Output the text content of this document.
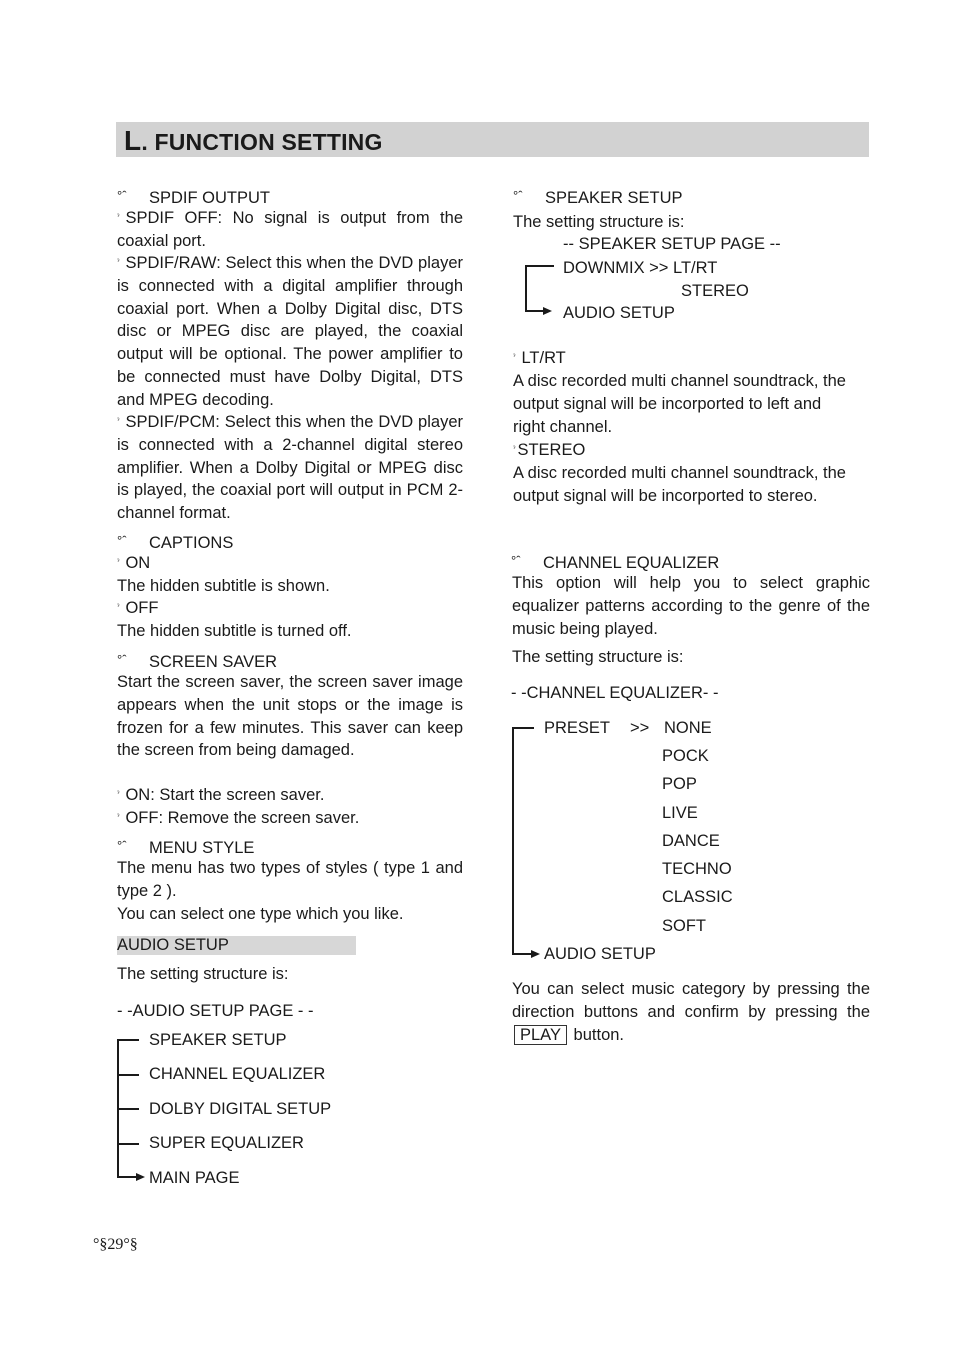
L. FUNCTION SETTING
°ˆ SPDIF OUTPUT
$^ˀ$ SPDIF OFF: No signal is output from the coaxial port.
$^ˀ$ SPDIF/RAW: Select this when the DVD player is connected with a digital amplifier through coaxial port. When a Dolby Digital disc, DTS disc or MPEG disc are played, the coaxial output will be optional. The power amplifier to be connected must have Dolby Digital, DTS and MPEG decoding.
$^ˀ$ SPDIF/PCM: Select this when the DVD player is connected with a 2-channel digital stereo amplifier. When a Dolby Digital or MPEG disc is played, the coaxial port will output in PCM 2-channel format.
°ˆ CAPTIONS
$^ˀ$ ON
The hidden subtitle is shown.
$^ˀ$ OFF
The hidden subtitle is turned off.
°ˆ SCREEN SAVER
Start the screen saver, the screen saver image appears when the unit stops or the image is frozen for a few minutes. This saver can keep the screen from being damaged.
$^ˀ$ ON: Start the screen saver.
$^ˀ$ OFF: Remove the screen saver.
°ˆ MENU STYLE
The menu has two types of styles ( type 1 and type 2 ).
You can select one type which you like.
AUDIO SETUP
The setting structure is:
- -AUDIO SETUP PAGE - -
SPEAKER SETUP
CHANNEL EQUALIZER
DOLBY DIGITAL SETUP
SUPER EQUALIZER
MAIN PAGE
°§29°§
°ˆ SPEAKER SETUP
The setting structure is:
-- SPEAKER SETUP PAGE --
DOWNMIX >> LT/RT
STEREO
AUDIO SETUP
$^ˀ$ LT/RT
A disc recorded multi channel soundtrack, the output signal will be incorported to left and right channel.
$^ˀ$ STEREO
A disc recorded multi channel soundtrack, the output signal will be incorported to stereo.
°ˆ CHANNEL EQUALIZER
This option will help you to select graphic equalizer patterns according to the genre of the music being played.
The setting structure is:
- -CHANNEL EQUALIZER- -
PRESET >> NONE
POCK
POP
LIVE
DANCE
TECHNO
CLASSIC
SOFT
AUDIO SETUP
You can select music category by pressing the direction buttons and confirm by pressing the PLAY button.
